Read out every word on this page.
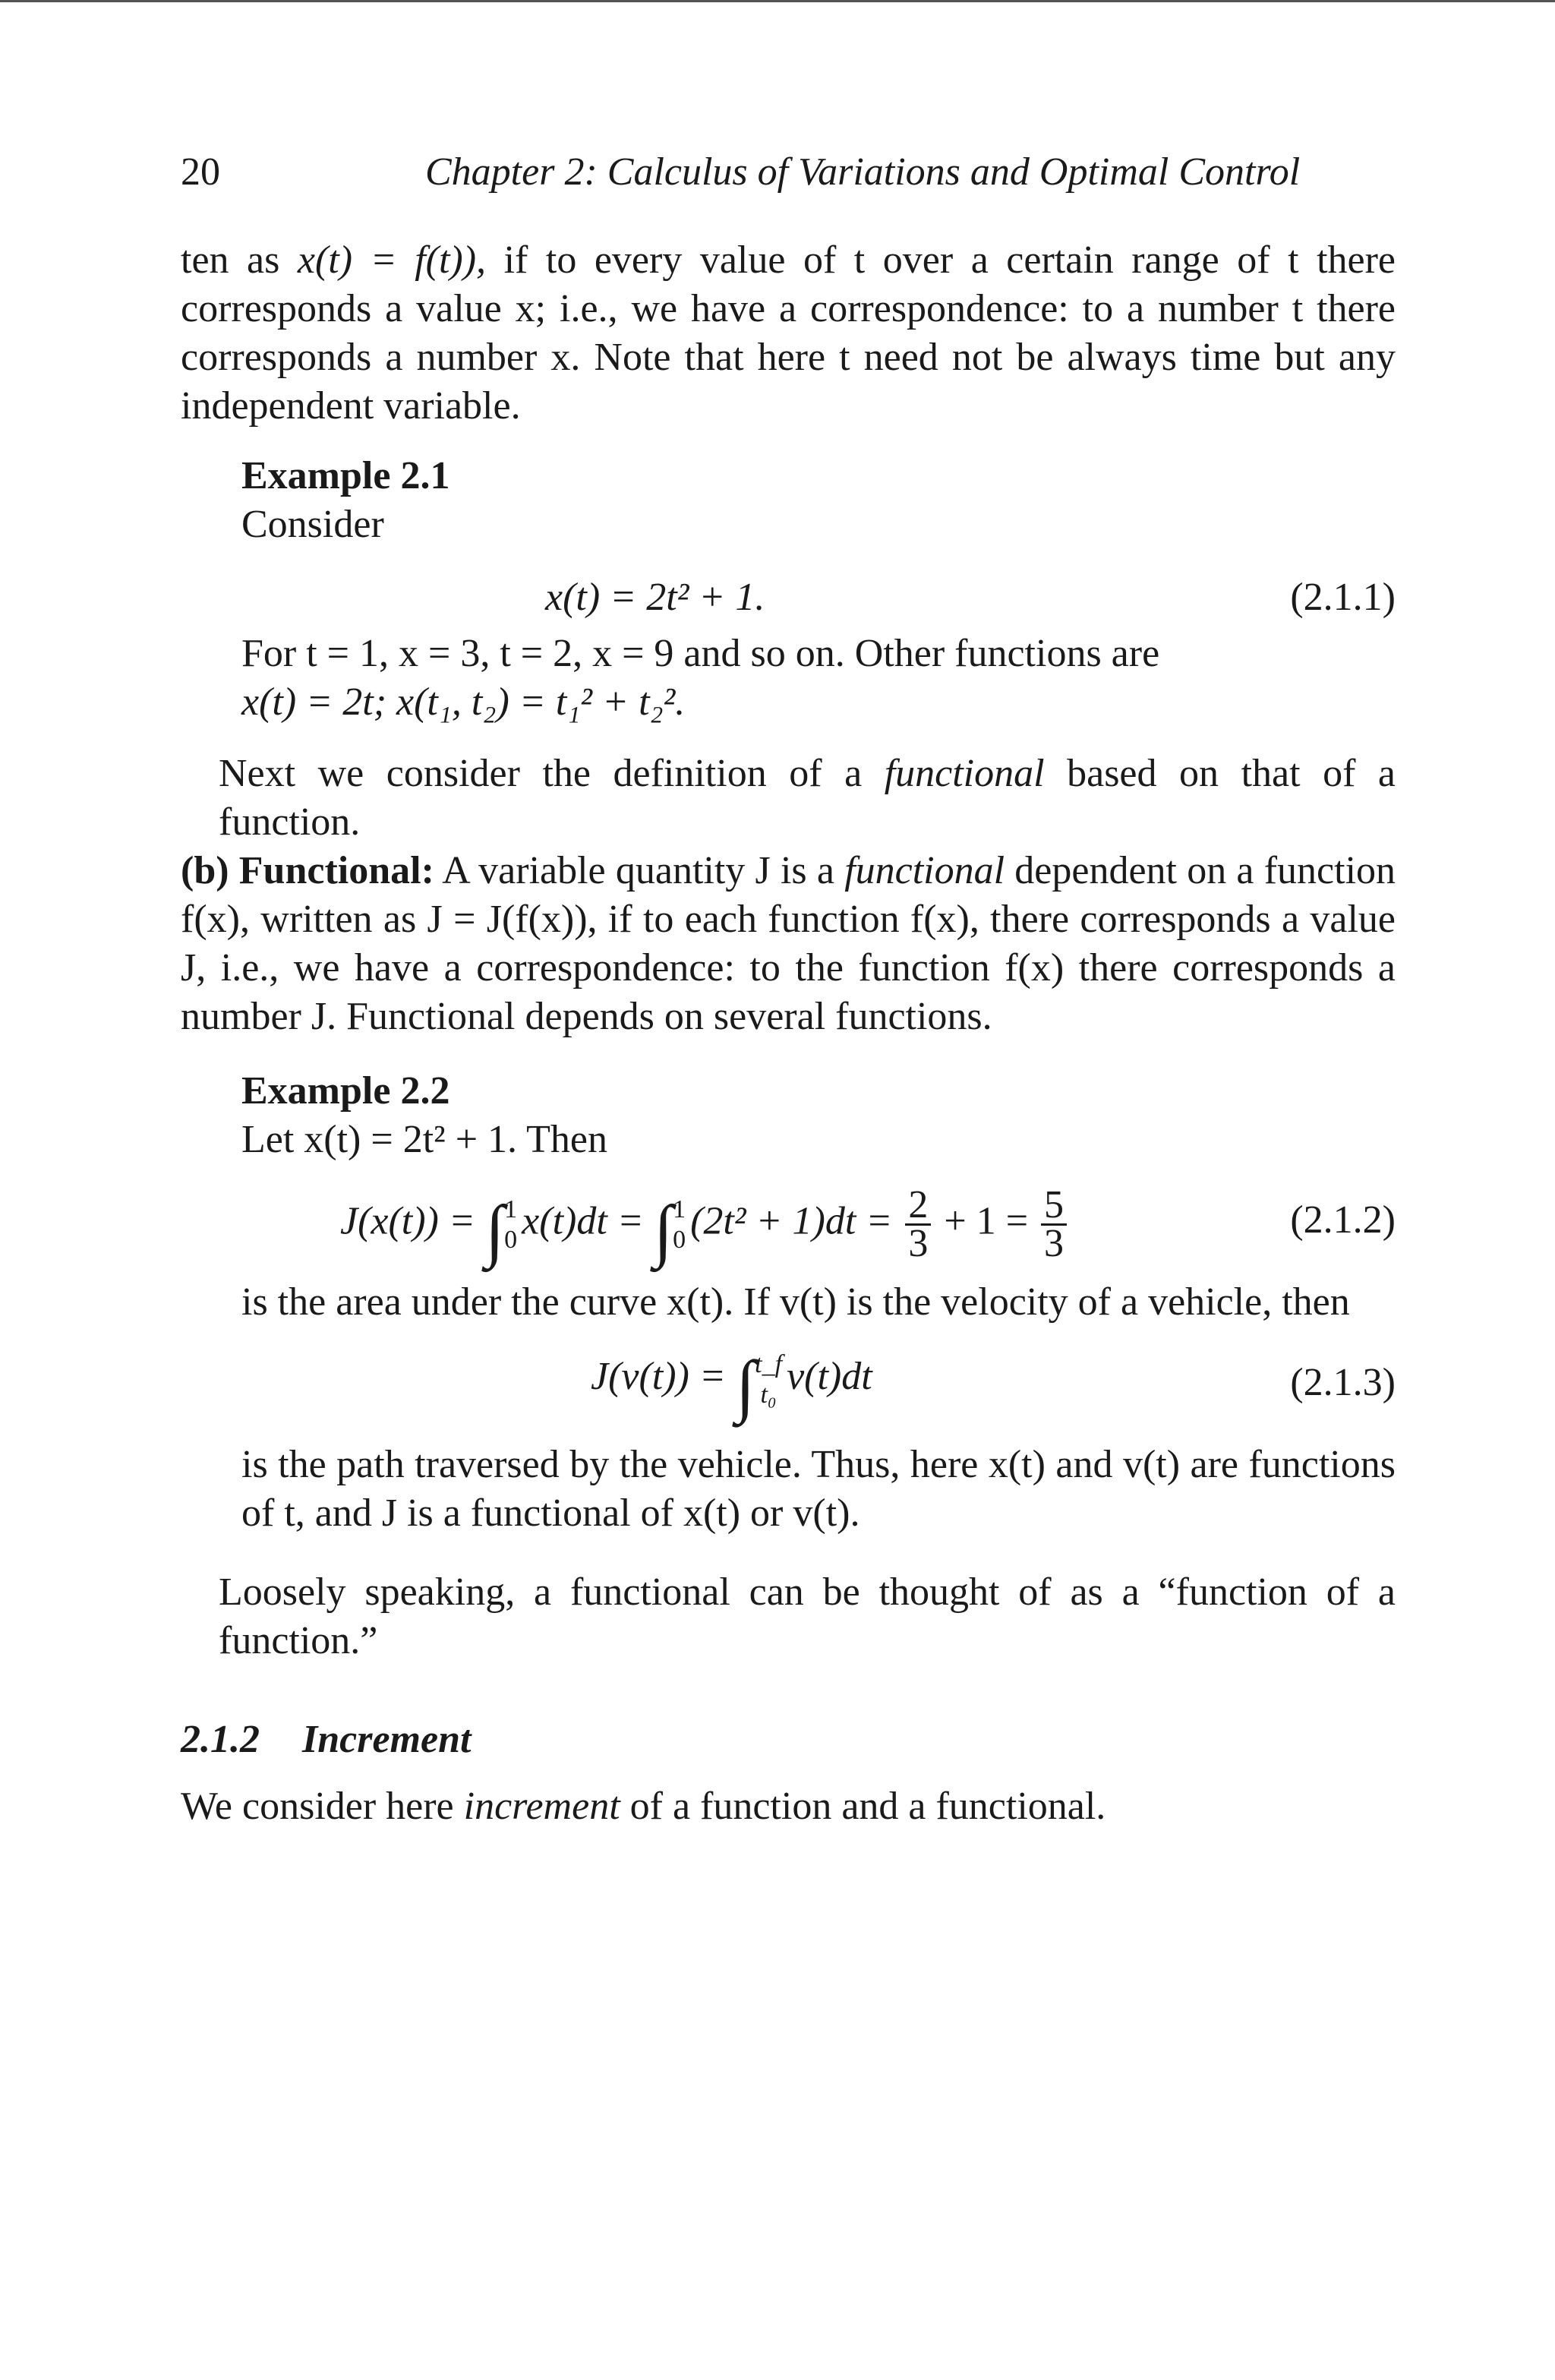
20	Chapter 2: Calculus of Variations and Optimal Control

ten as x(t) = f(t)), if to every value of t over a certain range of t there corresponds a value x; i.e., we have a correspondence: to a number t there corresponds a number x. Note that here t need not be always time but any independent variable.

Example 2.1

Consider

x(t) = 2t² + 1.	(2.1.1)

For t = 1, x = 3, t = 2, x = 9 and so on. Other functions are

x(t) = 2t; x(t₁, t₂) = t₁² + t₂².

Next we consider the definition of a functional based on that of a function.

(b) Functional: A variable quantity J is a functional dependent on a function f(x), written as J = J(f(x)), if to each function f(x), there corresponds a value J, i.e., we have a correspondence: to the function f(x) there corresponds a number J. Functional depends on several functions.

Example 2.2

Let x(t) = 2t² + 1. Then

J(x(t)) = ∫ 1
0 x(t)dt = ∫ 1
0 $(2t^2 + 1)dt = \frac{2}{3} + 1 = \frac{5}{3}$	(2.1.2)

is the area under the curve x(t). If v(t) is the velocity of a vehicle, then

J(v(t)) = ∫ t_f
t₀ v(t)dt	(2.1.3)

is the path traversed by the vehicle. Thus, here x(t) and v(t) are functions of t, and J is a functional of x(t) or v(t).

Loosely speaking, a functional can be thought of as a “function of a function.”

2.1.2 Increment

We consider here increment of a function and a functional.
